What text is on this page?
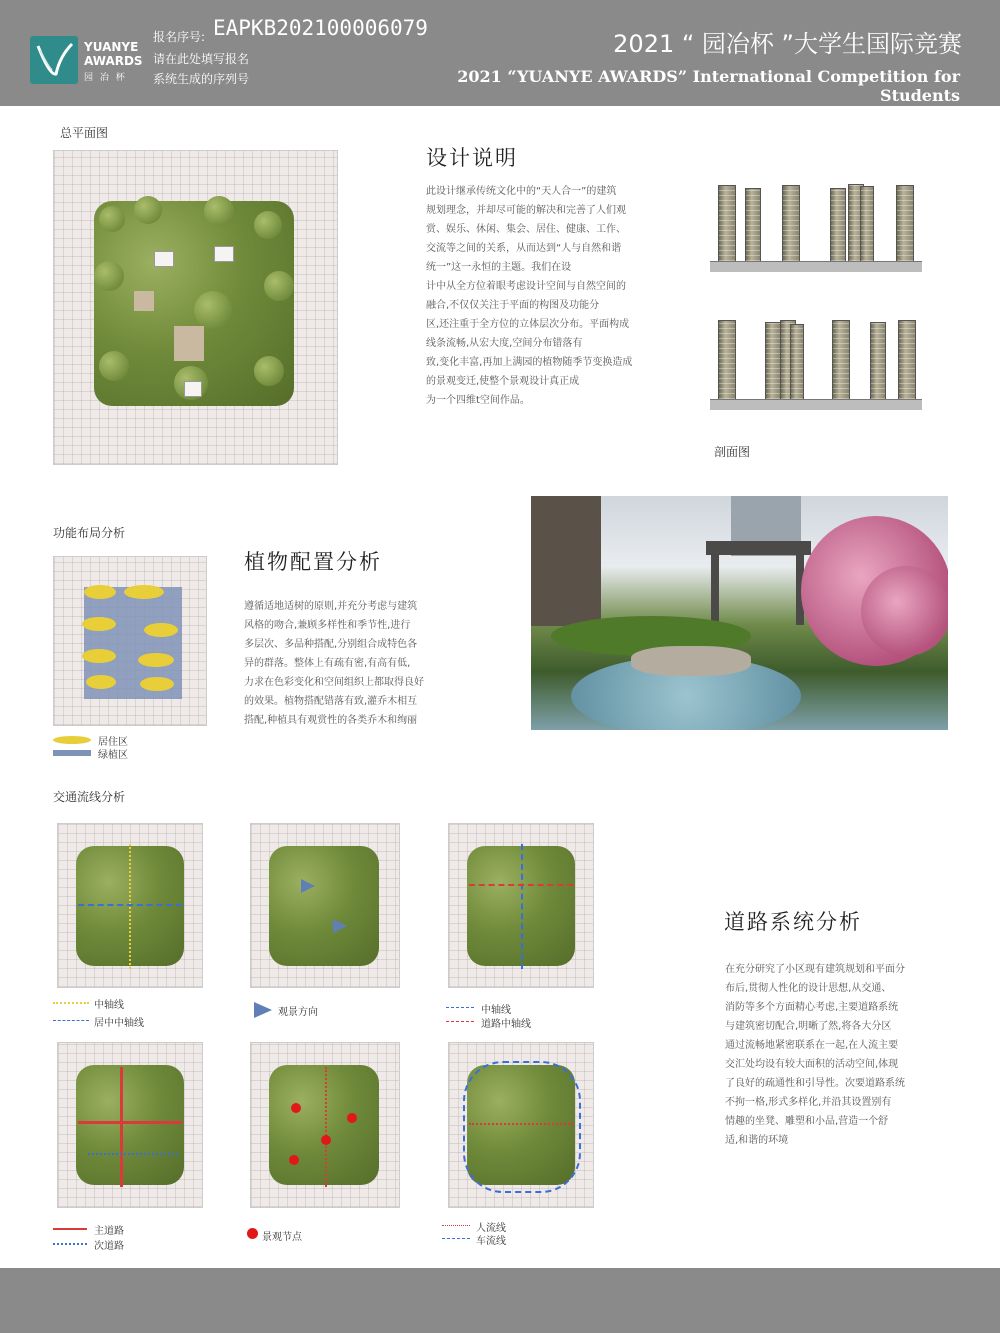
YUANYE
AWARDS
园 冶 杯
报名序号: EAPKB202100006079
请在此处填写报名
系统生成的序列号
2021 “ 园冶杯 ”大学生国际竞赛
2021 “YUANYE AWARDS” International Competition for Students
总平面图
设计说明
此设计继承传统文化中的“天人合一”的建筑
规划理念，并却尽可能的解决和完善了人们观
赏、娱乐、休闲、集会、居住、健康、工作、
交流等之间的关系，从而达到“人与自然和谐
统一”这一永恒的主题。我们在设
计中从全方位着眼考虑设计空间与自然空间的
融合,不仅仅关注于平面的构图及功能分
区,还注重于全方位的立体层次分布。平面构成
线条流畅,从宏大度,空间分布错落有
致,变化丰富,再加上满园的植物随季节变换造成
的景观变迁,使整个景观设计真正成
为一个四维t空间作品。
剖面图
功能布局分析
居住区
绿植区
植物配置分析
遵循适地适树的原则,并充分考虑与建筑
风格的吻合,兼顾多样性和季节性,进行
多层次、多品种搭配,分别组合成特色各
异的群落。整体上有疏有密,有高有低,
力求在色彩变化和空间组织上都取得良好
的效果。植物搭配错落有致,灌乔木相互
搭配,种植具有观赏性的各类乔木和绚丽
交通流线分析
中轴线
居中中轴线
观景方向	中轴线
道路中轴线
主道路
次道路
景观节点
人流线
车流线
道路系统分析
在充分研究了小区现有建筑规划和平面分
布后,贯彻人性化的设计思想,从交通、
消防等多个方面精心考虑,主要道路系统
与建筑密切配合,明晰了然,将各大分区
通过流畅地紧密联系在一起,在人流主要
交汇处均设有较大面积的活动空间,体现
了良好的疏通性和引导性。次要道路系统
不拘一格,形式多样化,并沿其设置别有
情趣的坐凳、雕塑和小品,营造一个舒
适,和谐的环境
